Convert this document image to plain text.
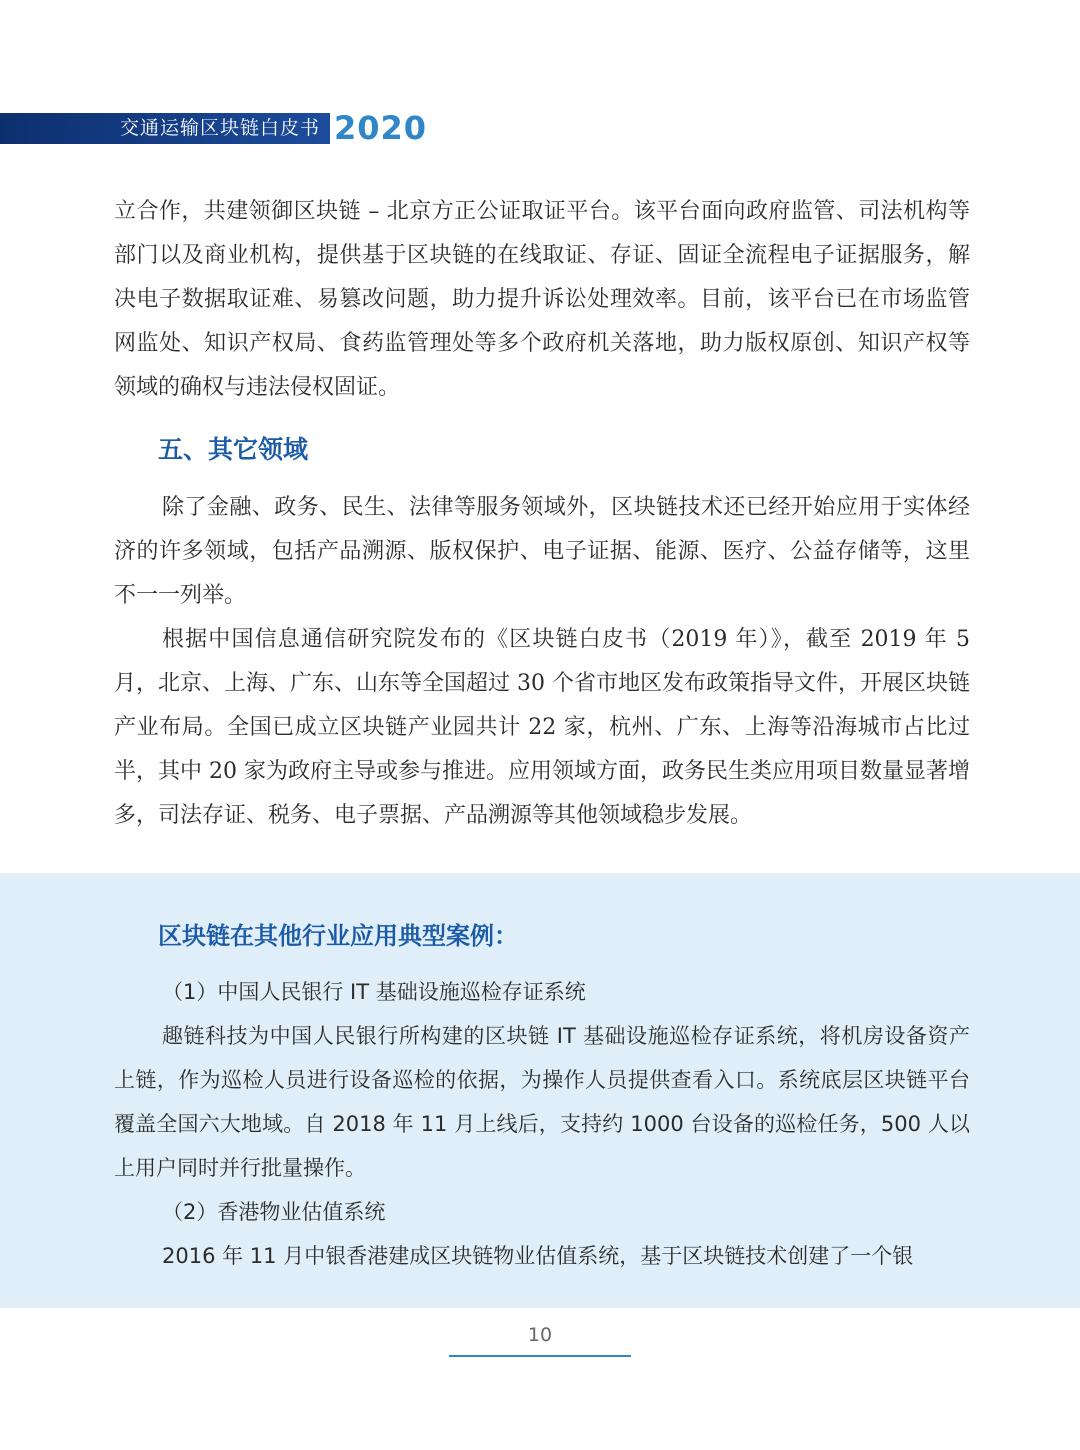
交通运输区块链白皮书 2020

立合作，共建领御区块链 – 北京方正公证取证平台。该平台面向政府监管、司法机构等部门以及商业机构，提供基于区块链的在线取证、存证、固证全流程电子证据服务，解决电子数据取证难、易篡改问题，助力提升诉讼处理效率。目前，该平台已在市场监管网监处、知识产权局、食药监管理处等多个政府机关落地，助力版权原创、知识产权等领域的确权与违法侵权固证。

五、其它领域

除了金融、政务、民生、法律等服务领域外，区块链技术还已经开始应用于实体经济的许多领域，包括产品溯源、版权保护、电子证据、能源、医疗、公益存储等，这里不一一列举。

根据中国信息通信研究院发布的《区块链白皮书（2019 年）》，截至 2019 年 5 月，北京、上海、广东、山东等全国超过 30 个省市地区发布政策指导文件，开展区块链产业布局。全国已成立区块链产业园共计 22 家，杭州、广东、上海等沿海城市占比过半，其中 20 家为政府主导或参与推进。应用领域方面，政务民生类应用项目数量显著增多，司法存证、税务、电子票据、产品溯源等其他领域稳步发展。

区块链在其他行业应用典型案例：

（1）中国人民银行 IT 基础设施巡检存证系统

趣链科技为中国人民银行所构建的区块链 IT 基础设施巡检存证系统，将机房设备资产上链，作为巡检人员进行设备巡检的依据，为操作人员提供查看入口。系统底层区块链平台覆盖全国六大地域。自 2018 年 11 月上线后，支持约 1000 台设备的巡检任务，500 人以上用户同时并行批量操作。

（2）香港物业估值系统

2016 年 11 月中银香港建成区块链物业估值系统，基于区块链技术创建了一个银

10
